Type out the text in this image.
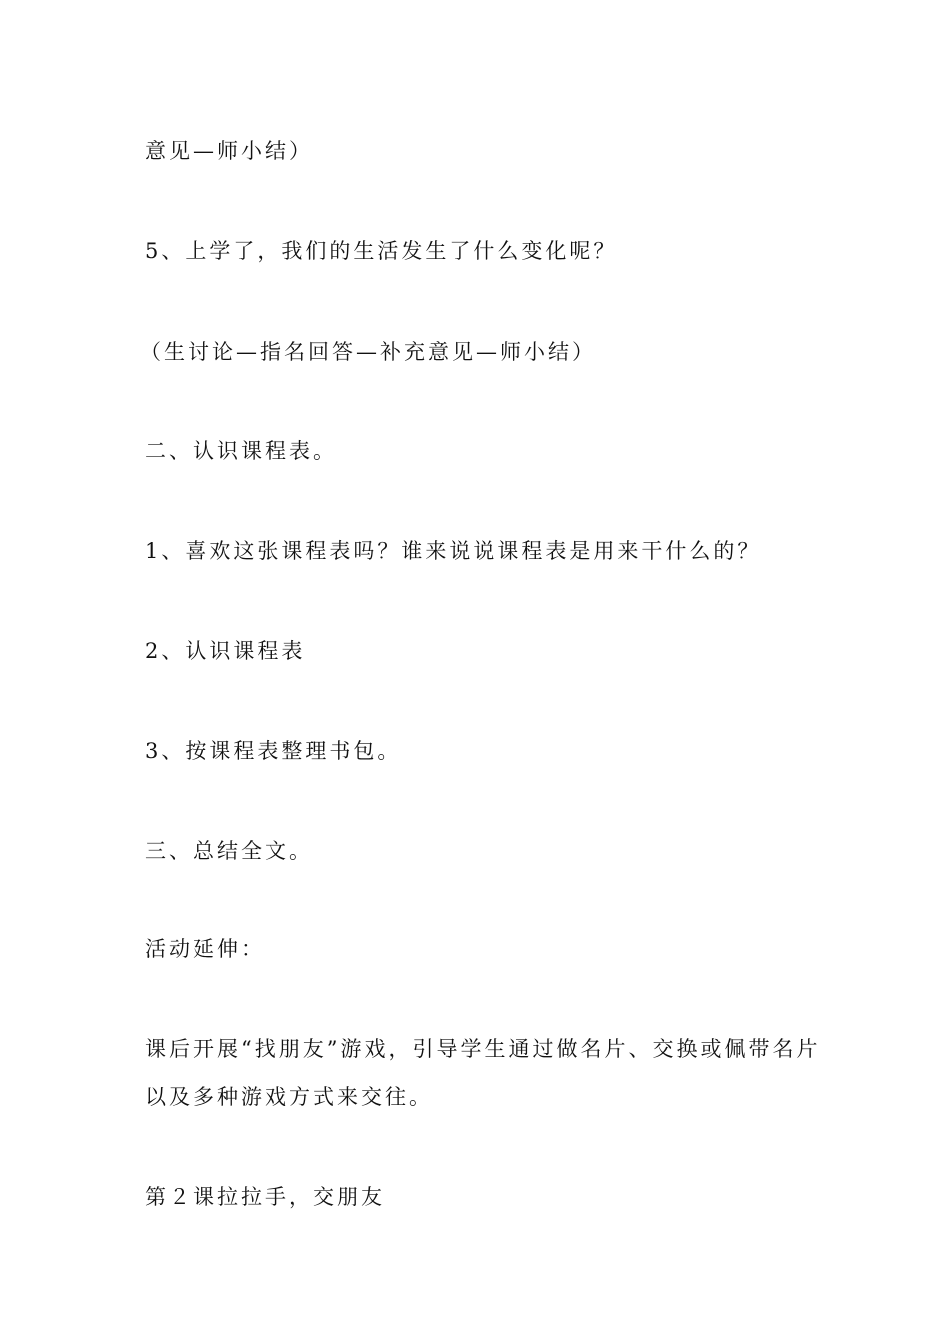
意见—师小结）

5、上学了，我们的生活发生了什么变化呢？

（生讨论—指名回答—补充意见—师小结）

二、认识课程表。

1、喜欢这张课程表吗？谁来说说课程表是用来干什么的？

2、认识课程表

3、按课程表整理书包。

三、总结全文。

活动延伸：

课后开展“找朋友”游戏，引导学生通过做名片、交换或佩带名片

以及多种游戏方式来交往。

第２课拉拉手，交朋友
